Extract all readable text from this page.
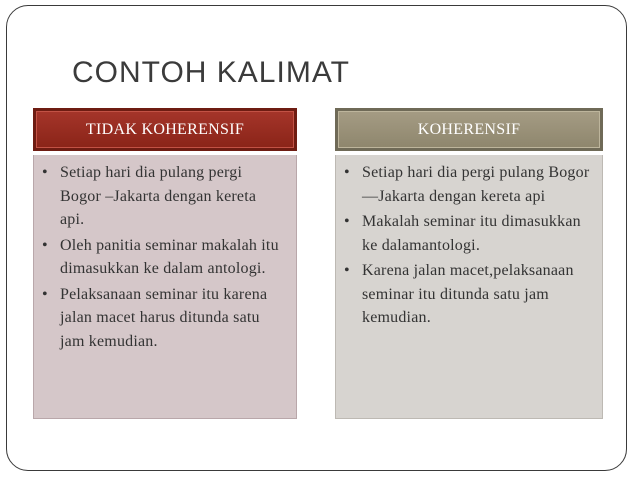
CONTOH KALIMAT
TIDAK KOHERENSIF
• Setiap hari dia pulang pergi Bogor –Jakarta dengan kereta api.
• Oleh panitia seminar makalah itu dimasukkan ke dalam antologi.
• Pelaksanaan seminar itu karena jalan macet harus ditunda satu jam kemudian.
KOHERENSIF
• Setiap hari dia pergi pulang Bogor—Jakarta dengan kereta api
• Makalah seminar itu dimasukkan ke dalamantologi.
• Karena jalan macet,pelaksanaan seminar itu ditunda satu jam kemudian.
